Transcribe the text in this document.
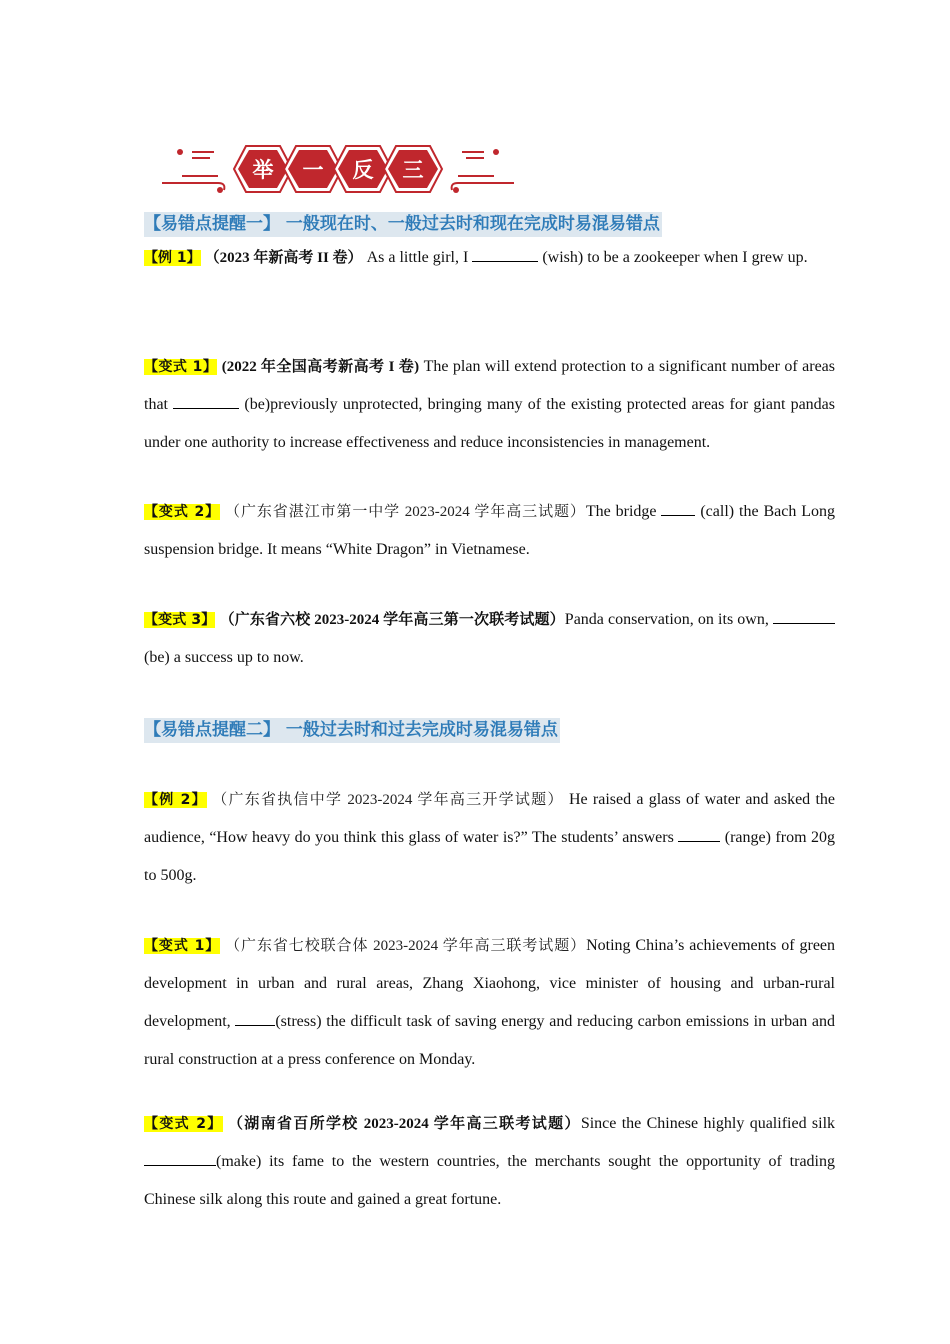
举 一 反 三
【易错点提醒一】 一般现在时、一般过去时和现在完成时易混易错点
【例 1】 （2023 年新高考 II 卷） As a little girl, I	(wish) to be a zookeeper when I grew up.
【变式 1】 (2022 年全国高考新高考 I 卷) The plan will extend protection to a significant number of areas that	(be)previously unprotected, bringing many of the existing protected areas for giant pandas under one authority to increase effectiveness and reduce inconsistencies in management.
【变式 2】 （广东省湛江市第一中学 2023-2024 学年高三试题）The bridge  (call) the Bach Long suspension bridge. It means “White Dragon” in Vietnamese.
【变式 3】 （广东省六校 2023-2024 学年高三第一次联考试题）Panda conservation, on its own,  (be) a success up to now.
【易错点提醒二】 一般过去时和过去完成时易混易错点
【例 2】 （广东省执信中学 2023-2024 学年高三开学试题） He raised a glass of water and asked the audience, “How heavy do you think this glass of water is?” The students’ answers	(range) from 20g to 500g.
【变式 1】 （广东省七校联合体 2023-2024 学年高三联考试题）Noting China’s achievements of green development in urban and rural areas, Zhang Xiaohong, vice minister of housing and urban-rural development,	(stress) the difficult task of saving energy and reducing carbon emissions in urban and rural construction at a press conference on Monday.
【变式 2】 （湖南省百所学校 2023-2024 学年高三联考试题）Since the Chinese highly qualified silk(make) its fame to the western countries, the merchants sought the opportunity of trading Chinese silk along this route and gained a great fortune.
